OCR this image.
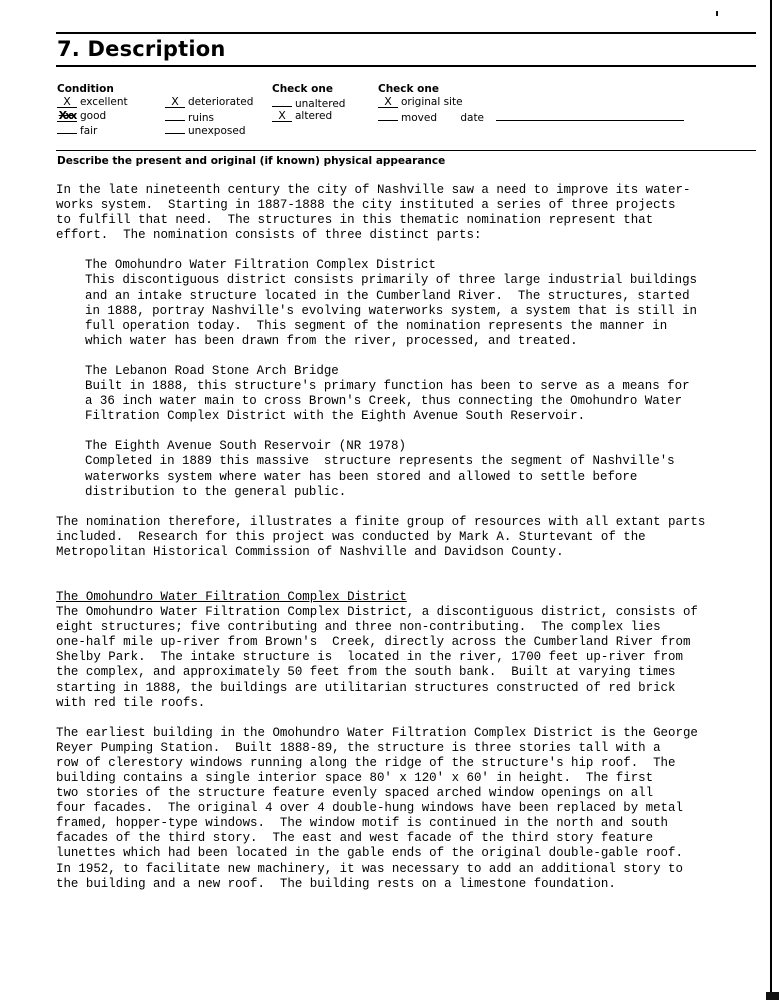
7. Description
Condition
X excellent
Xxx good
fair
X deteriorated
ruins
unexposed
Check one
unaltered
X altered
Check one
X original site
moved date
Describe the present and original (if known) physical appearance

In the late nineteenth century the city of Nashville saw a need to improve its water-

works system.  Starting in 1887-1888 the city instituted a series of three projects

to fulfill that need.  The structures in this thematic nomination represent that

effort.  The nomination consists of three distinct parts:

The Omohundro Water Filtration Complex District

This discontiguous district consists primarily of three large industrial buildings

and an intake structure located in the Cumberland River.  The structures, started

in 1888, portray Nashville's evolving waterworks system, a system that is still in

full operation today.  This segment of the nomination represents the manner in

which water has been drawn from the river, processed, and treated.

The Lebanon Road Stone Arch Bridge

Built in 1888, this structure's primary function has been to serve as a means for

a 36 inch water main to cross Brown's Creek, thus connecting the Omohundro Water

Filtration Complex District with the Eighth Avenue South Reservoir.

The Eighth Avenue South Reservoir (NR 1978)

Completed in 1889 this massive  structure represents the segment of Nashville's

waterworks system where water has been stored and allowed to settle before

distribution to the general public.

The nomination therefore, illustrates a finite group of resources with all extant parts

included.  Research for this project was conducted by Mark A. Sturtevant of the

Metropolitan Historical Commission of Nashville and Davidson County.

The Omohundro Water Filtration Complex District

The Omohundro Water Filtration Complex District, a discontiguous district, consists of

eight structures; five contributing and three non-contributing.  The complex lies

one-half mile up-river from Brown's  Creek, directly across the Cumberland River from

Shelby Park.  The intake structure is  located in the river, 1700 feet up-river from

the complex, and approximately 50 feet from the south bank.  Built at varying times

starting in 1888, the buildings are utilitarian structures constructed of red brick

with red tile roofs.

The earliest building in the Omohundro Water Filtration Complex District is the George

Reyer Pumping Station.  Built 1888-89, the structure is three stories tall with a

row of clerestory windows running along the ridge of the structure's hip roof.  The

building contains a single interior space 80' x 120' x 60' in height.  The first

two stories of the structure feature evenly spaced arched window openings on all

four facades.  The original 4 over 4 double-hung windows have been replaced by metal

framed, hopper-type windows.  The window motif is continued in the north and south

facades of the third story.  The east and west facade of the third story feature

lunettes which had been located in the gable ends of the original double-gable roof.

In 1952, to facilitate new machinery, it was necessary to add an additional story to

the building and a new roof.  The building rests on a limestone foundation.
